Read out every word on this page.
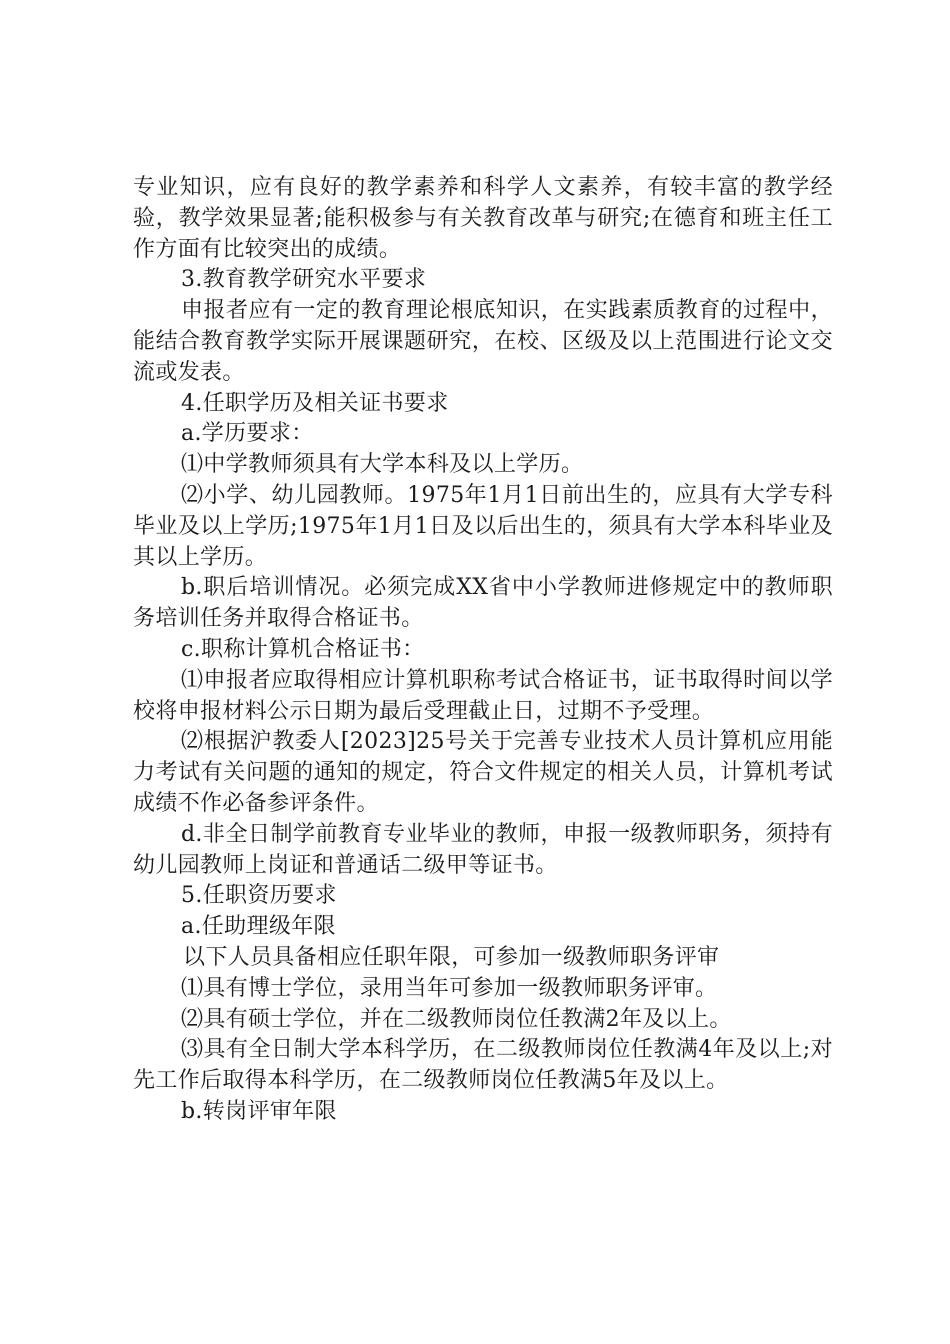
专业知识，应有良好的教学素养和科学人文素养，有较丰富的教学经验，教学效果显著;能积极参与有关教育改革与研究;在德育和班主任工作方面有比较突出的成绩。

3.教育教学研究水平要求

申报者应有一定的教育理论根底知识，在实践素质教育的过程中，能结合教育教学实际开展课题研究，在校、区级及以上范围进行论文交流或发表。

4.任职学历及相关证书要求

a.学历要求：

⑴中学教师须具有大学本科及以上学历。

⑵小学、幼儿园教师。1975年1月1日前出生的，应具有大学专科毕业及以上学历;1975年1月1日及以后出生的，须具有大学本科毕业及其以上学历。

b.职后培训情况。必须完成XX省中小学教师进修规定中的教师职务培训任务并取得合格证书。

c.职称计算机合格证书：

⑴申报者应取得相应计算机职称考试合格证书，证书取得时间以学校将申报材料公示日期为最后受理截止日，过期不予受理。

⑵根据沪教委人[2023]25号关于完善专业技术人员计算机应用能力考试有关问题的通知的规定，符合文件规定的相关人员，计算机考试成绩不作必备参评条件。

d.非全日制学前教育专业毕业的教师，申报一级教师职务，须持有幼儿园教师上岗证和普通话二级甲等证书。

5.任职资历要求

a.任助理级年限

以下人员具备相应任职年限，可参加一级教师职务评审

⑴具有博士学位，录用当年可参加一级教师职务评审。

⑵具有硕士学位，并在二级教师岗位任教满2年及以上。

⑶具有全日制大学本科学历，在二级教师岗位任教满4年及以上;对先工作后取得本科学历，在二级教师岗位任教满5年及以上。

b.转岗评审年限
